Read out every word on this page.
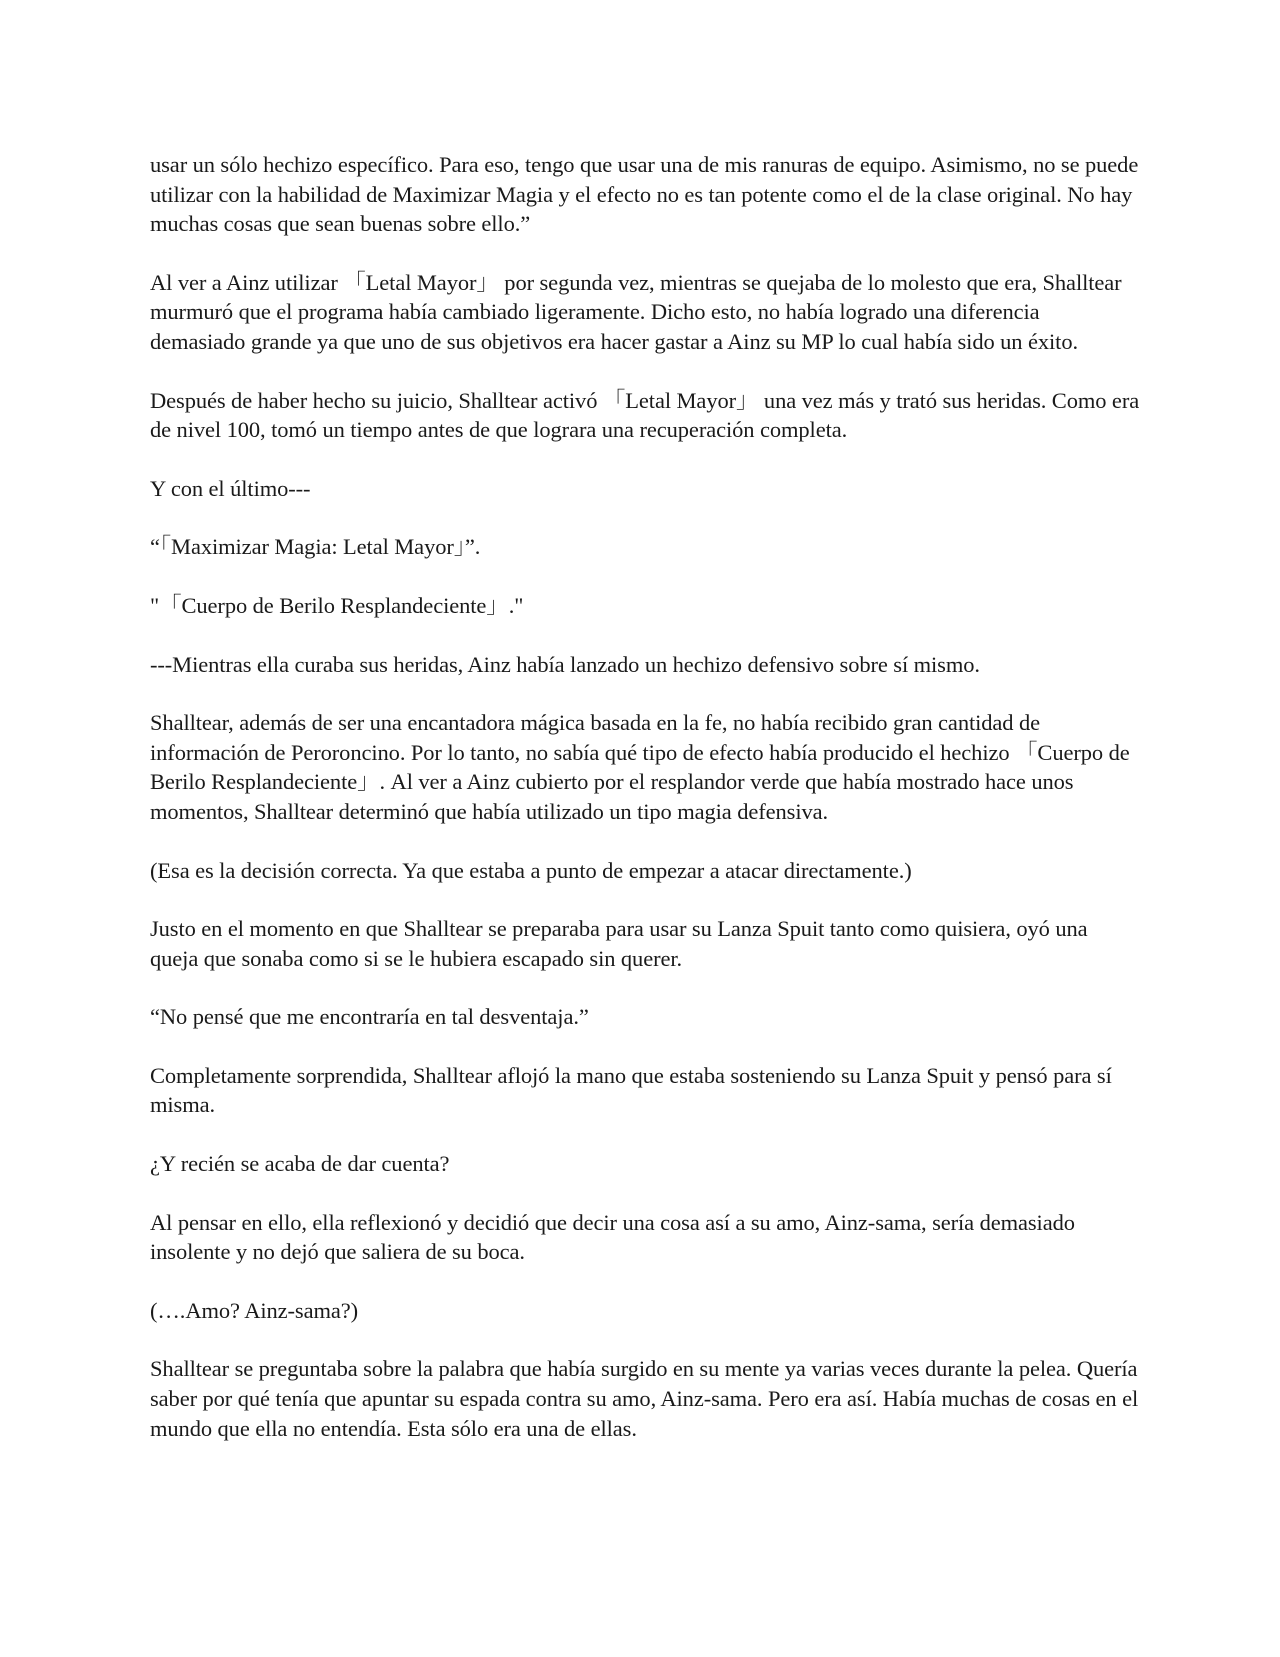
usar un sólo hechizo específico. Para eso, tengo que usar una de mis ranuras de equipo. Asimismo, no se puede utilizar con la habilidad de Maximizar Magia y el efecto no es tan potente como el de la clase original. No hay muchas cosas que sean buenas sobre ello.”

Al ver a Ainz utilizar 「Letal Mayor」 por segunda vez, mientras se quejaba de lo molesto que era, Shalltear murmuró que el programa había cambiado ligeramente. Dicho esto, no había logrado una diferencia demasiado grande ya que uno de sus objetivos era hacer gastar a Ainz su MP lo cual había sido un éxito.

Después de haber hecho su juicio, Shalltear activó 「Letal Mayor」 una vez más y trató sus heridas. Como era de nivel 100, tomó un tiempo antes de que lograra una recuperación completa.

Y con el último---

“「Maximizar Magia: Letal Mayor」”.

"「Cuerpo de Berilo Resplandeciente」."

---Mientras ella curaba sus heridas, Ainz había lanzado un hechizo defensivo sobre sí mismo.

Shalltear, además de ser una encantadora mágica basada en la fe, no había recibido gran cantidad de información de Peroroncino. Por lo tanto, no sabía qué tipo de efecto había producido el hechizo 「Cuerpo de Berilo Resplandeciente」. Al ver a Ainz cubierto por el resplandor verde que había mostrado hace unos momentos, Shalltear determinó que había utilizado un tipo magia defensiva.

(Esa es la decisión correcta. Ya que estaba a punto de empezar a atacar directamente.)

Justo en el momento en que Shalltear se preparaba para usar su Lanza Spuit tanto como quisiera, oyó una queja que sonaba como si se le hubiera escapado sin querer.

“No pensé que me encontraría en tal desventaja.”

Completamente sorprendida, Shalltear aflojó la mano que estaba sosteniendo su Lanza Spuit y pensó para sí misma.

¿Y recién se acaba de dar cuenta?

Al pensar en ello, ella reflexionó y decidió que decir una cosa así a su amo, Ainz-sama, sería demasiado insolente y no dejó que saliera de su boca.

(….Amo? Ainz-sama?)

Shalltear se preguntaba sobre la palabra que había surgido en su mente ya varias veces durante la pelea. Quería saber por qué tenía que apuntar su espada contra su amo, Ainz-sama. Pero era así. Había muchas de cosas en el mundo que ella no entendía. Esta sólo era una de ellas.
